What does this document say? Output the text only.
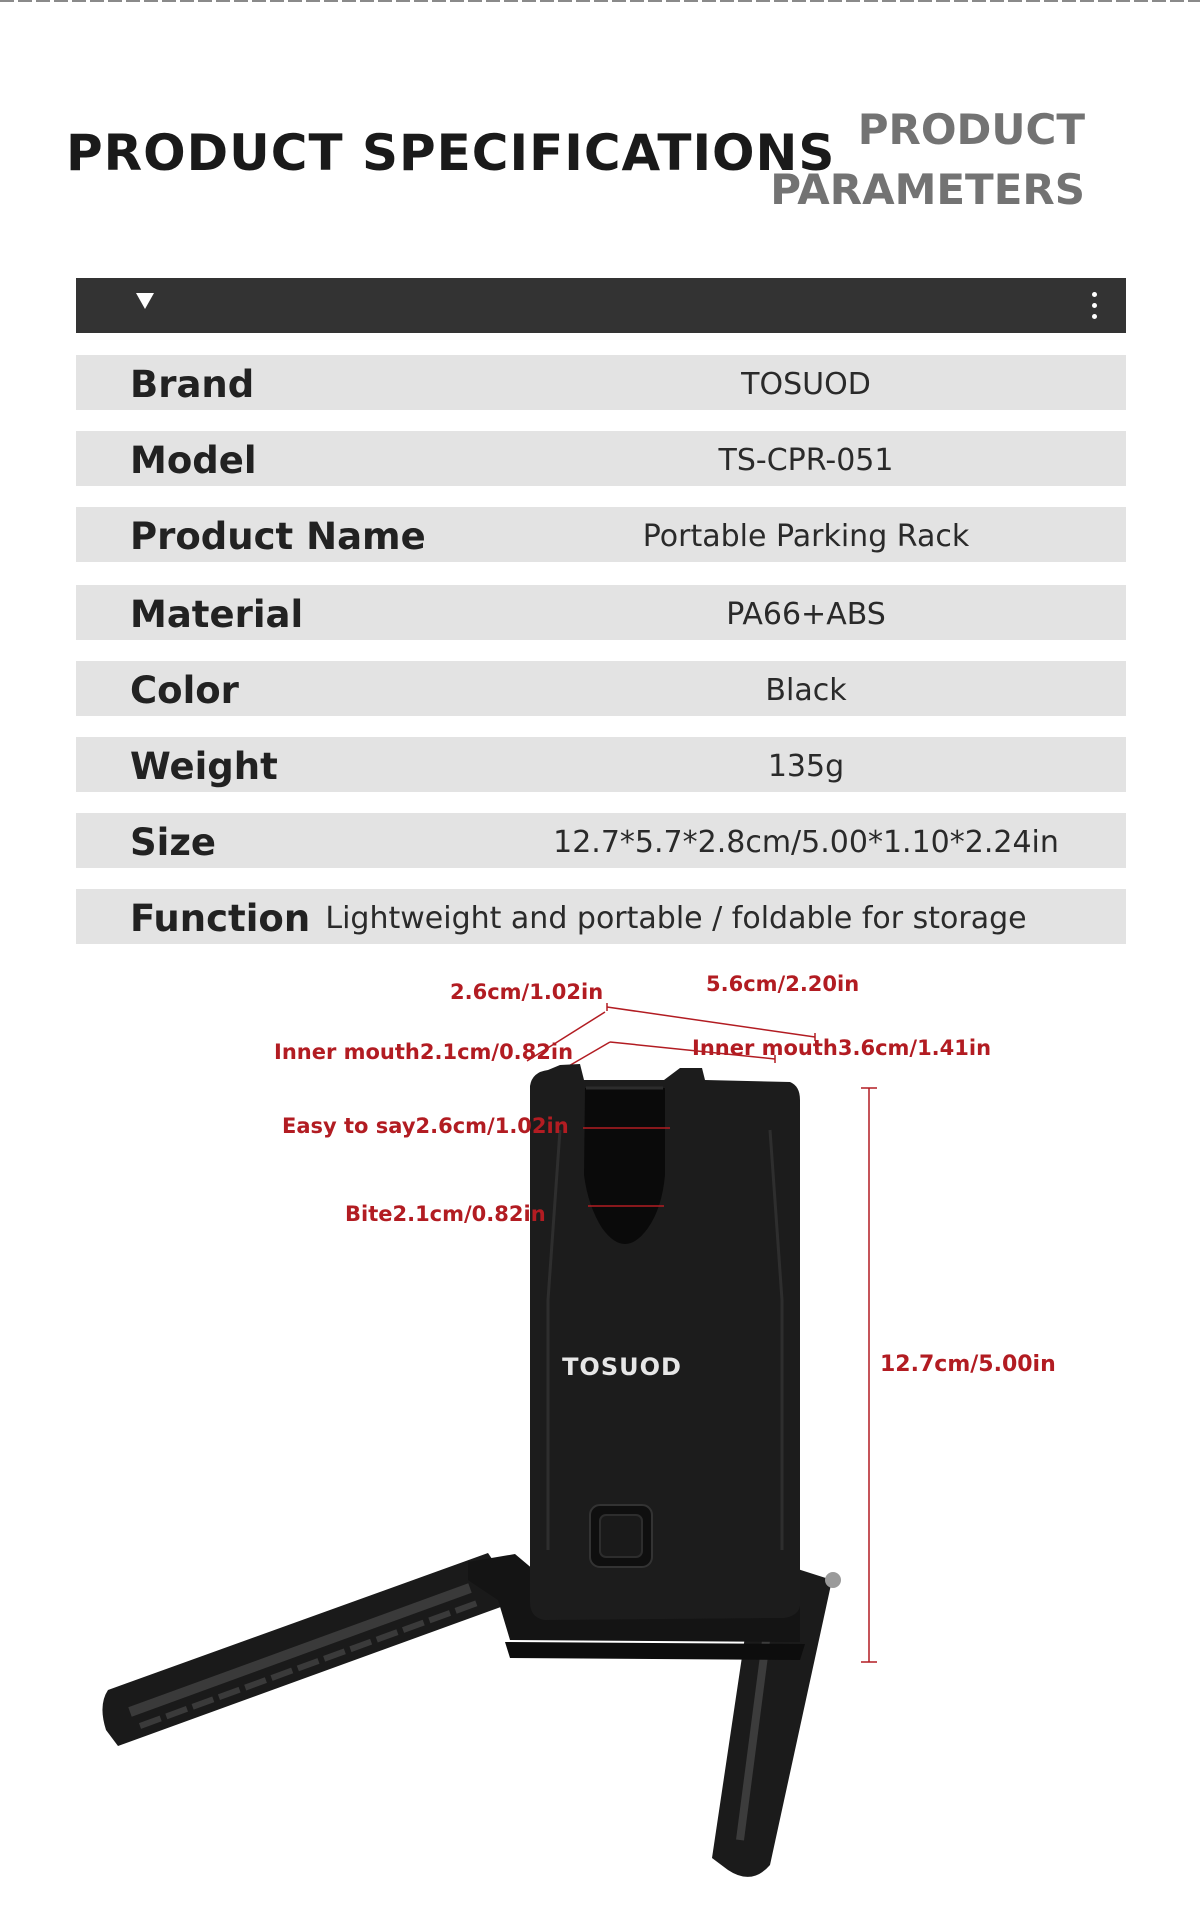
PRODUCT SPECIFICATIONS PRODUCT
PARAMETERS
Brand	TOSUOD
Model	TS-CPR-051
Product Name	Portable Parking Rack
Material	PA66+ABS
Color	Black
Weight	135g
Size	12.7*5.7*2.8cm/5.00*1.10*2.24in
Function Lightweight and portable / foldable for storage
TOSUOD
2.6cm/1.02in	5.6cm/2.20in
Inner mouth2.1cm/0.82in	Inner mouth3.6cm/1.41in
Easy to say2.6cm/1.02in
Bite2.1cm/0.82in
12.7cm/5.00in
